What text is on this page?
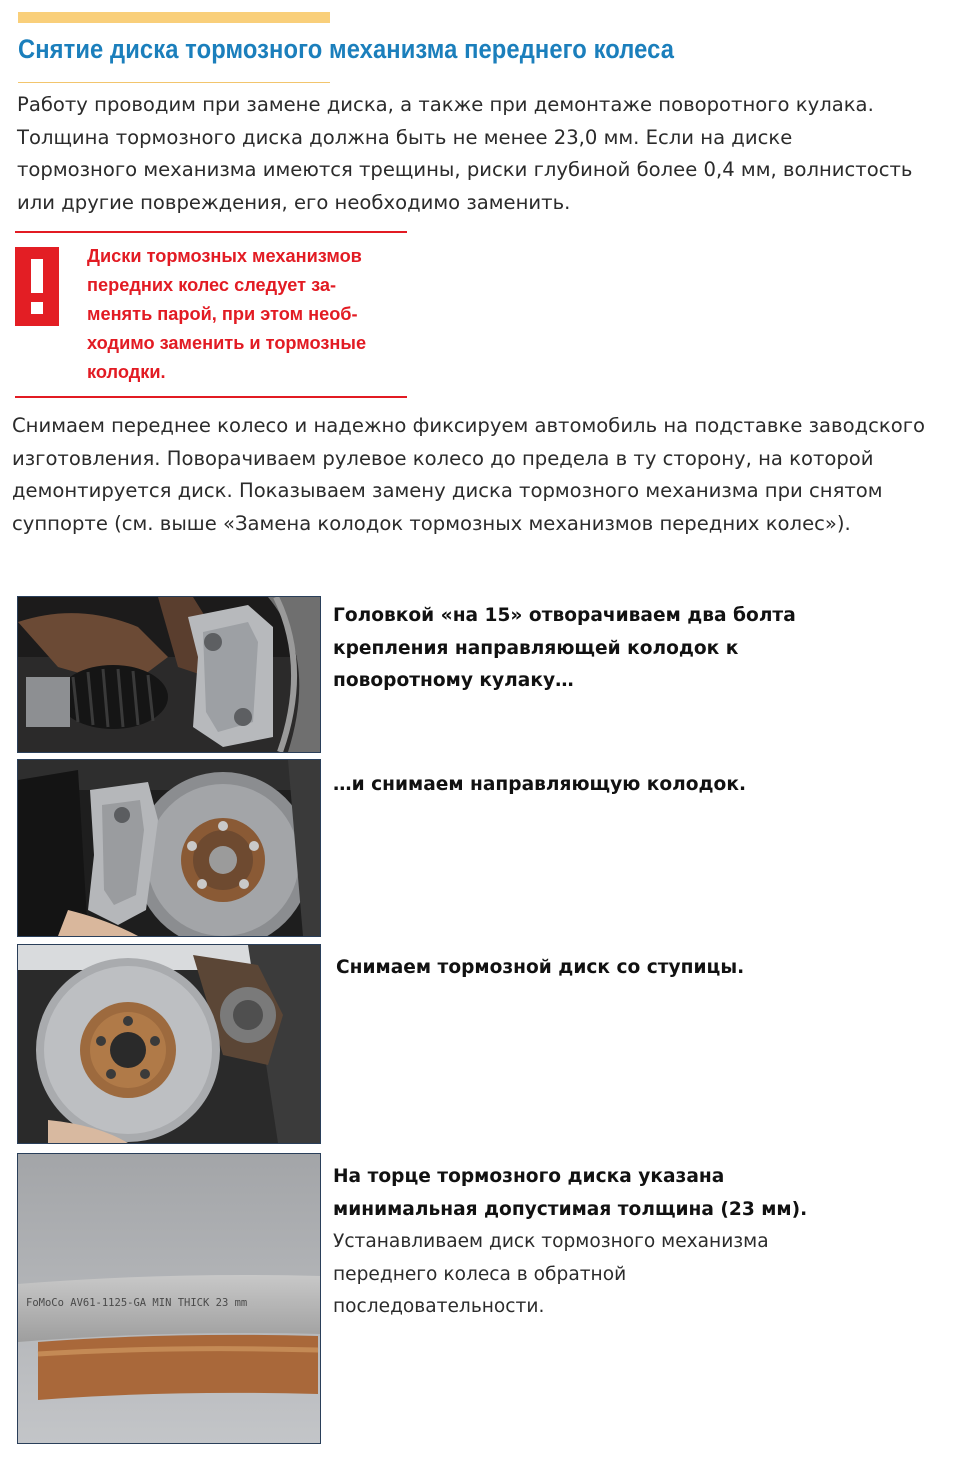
Снятие диска тормозного механизма переднего колеса

Работу проводим при замене диска, а также при демонтаже поворотного кулака. Толщина тормозного диска должна быть не менее 23,0 мм. Если на диске тормозного механизма имеются трещины, риски глубиной более 0,4 мм, волнистость или другие повреждения, его необходимо заменить.

Диски тормозных механизмов
передних колес следует за-
менять парой, при этом необ-
ходимо заменить и тормозные
колодки.

Снимаем переднее колесо и надежно фиксируем автомобиль на подставке заводского изготовления. Поворачиваем рулевое колесо до предела в ту сторону, на которой демонтируется диск. Показываем замену диска тормозного механизма при снятом суппорте (см. выше «Замена колодок тормозных механизмов передних колес»).

Головкой «на 15» отворачиваем два болта
крепления направляющей колодок к
поворотному кулаку…

…и снимаем направляющую колодок.

Снимаем тормозной диск со ступицы.

FoMoCo AV61-1125-GA MIN THICK 23 mm

На торце тормозного диска указана
минимальная допустимая толщина (23 мм).
Устанавливаем диск тормозного механизма
переднего колеса в обратной
последовательности.
